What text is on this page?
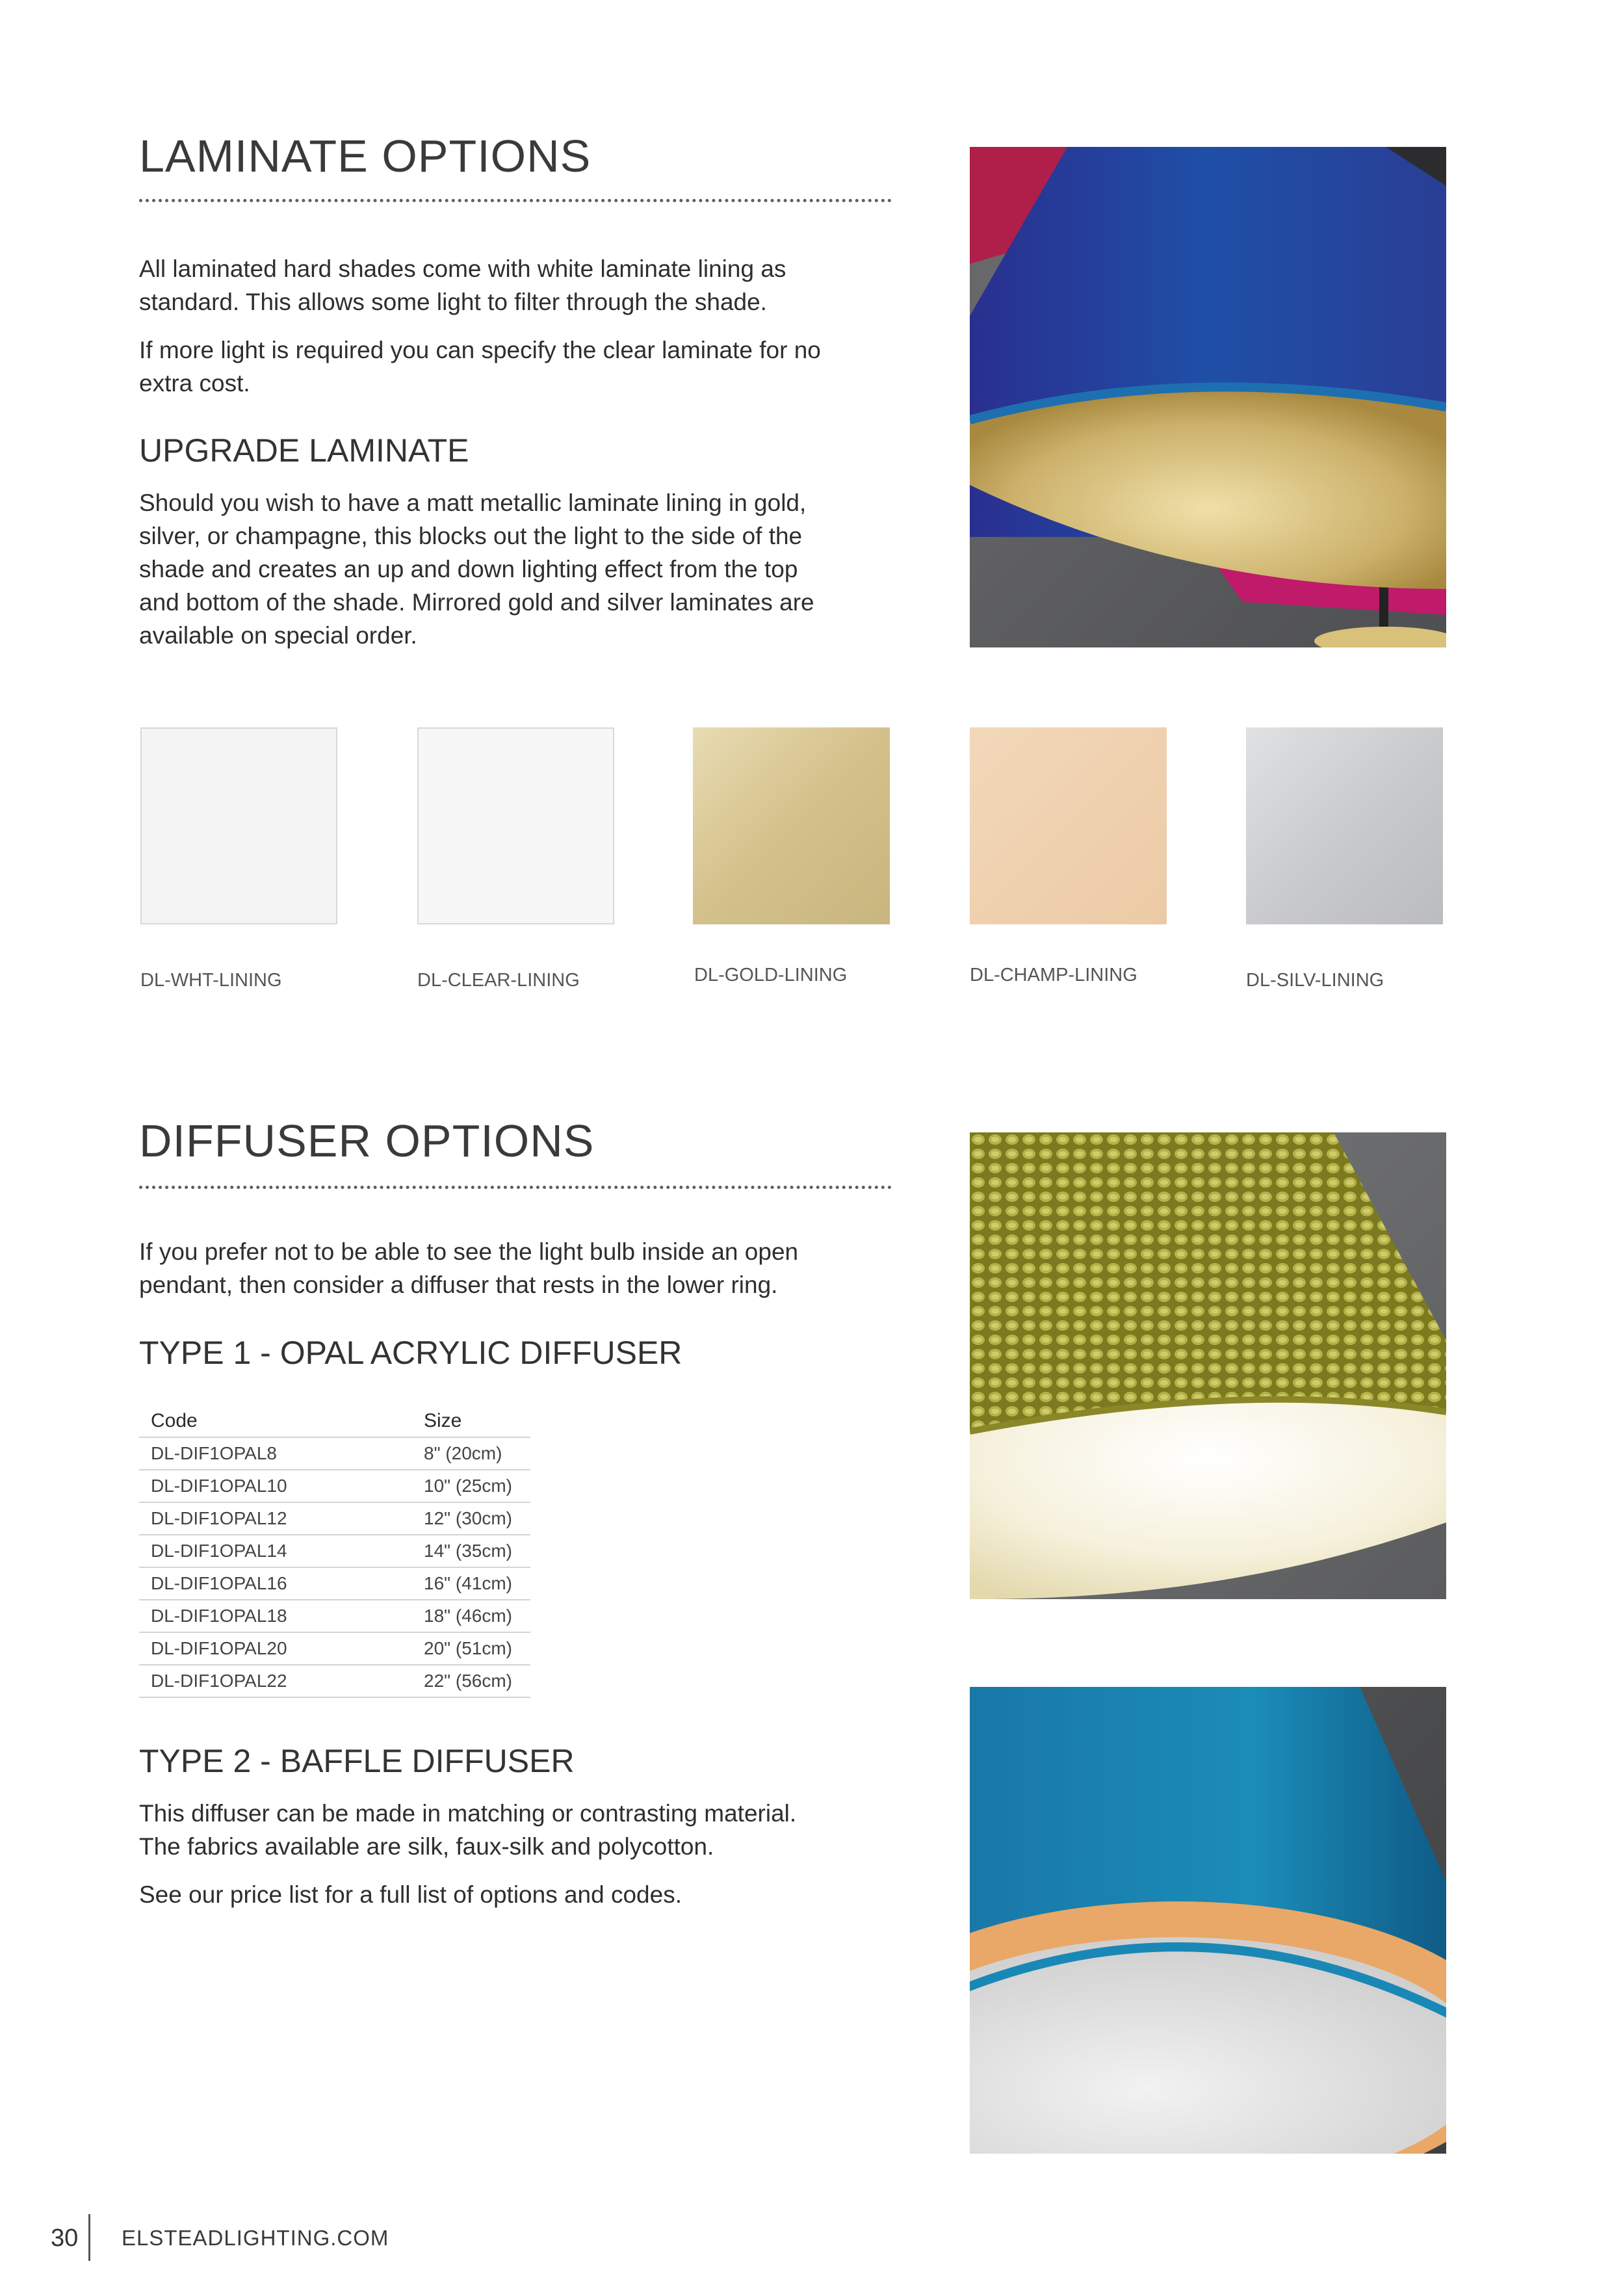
LAMINATE OPTIONS

All laminated hard shades come with white laminate lining as
standard. This allows some light to filter through the shade.

If more light is required you can specify the clear laminate for no
extra cost.

UPGRADE LAMINATE

Should you wish to have a matt metallic laminate lining in gold,
silver, or champagne, this blocks out the light to the side of the
shade and creates an up and down lighting effect from the top
and bottom of the shade. Mirrored gold and silver laminates are
available on special order.

DL-WHT-LINING	DL-CLEAR-LINING	DL-GOLD-LINING	DL-CHAMP-LINING	DL-SILV-LINING
DIFFUSER OPTIONS

If you prefer not to be able to see the light bulb inside an open
pendant, then consider a diffuser that rests in the lower ring.

TYPE 1 - OPAL ACRYLIC DIFFUSER
Code	Size
DL-DIF1OPAL8	8" (20cm)
DL-DIF1OPAL10	10" (25cm)
DL-DIF1OPAL12	12" (30cm)
DL-DIF1OPAL14	14" (35cm)
DL-DIF1OPAL16	16" (41cm)
DL-DIF1OPAL18	18" (46cm)
DL-DIF1OPAL20	20" (51cm)
DL-DIF1OPAL22	22" (56cm)
TYPE 2 - BAFFLE DIFFUSER

This diffuser can be made in matching or contrasting material.
The fabrics available are silk, faux-silk and polycotton.

See our price list for a full list of options and codes.

30 ELSTEADLIGHTING.COM
